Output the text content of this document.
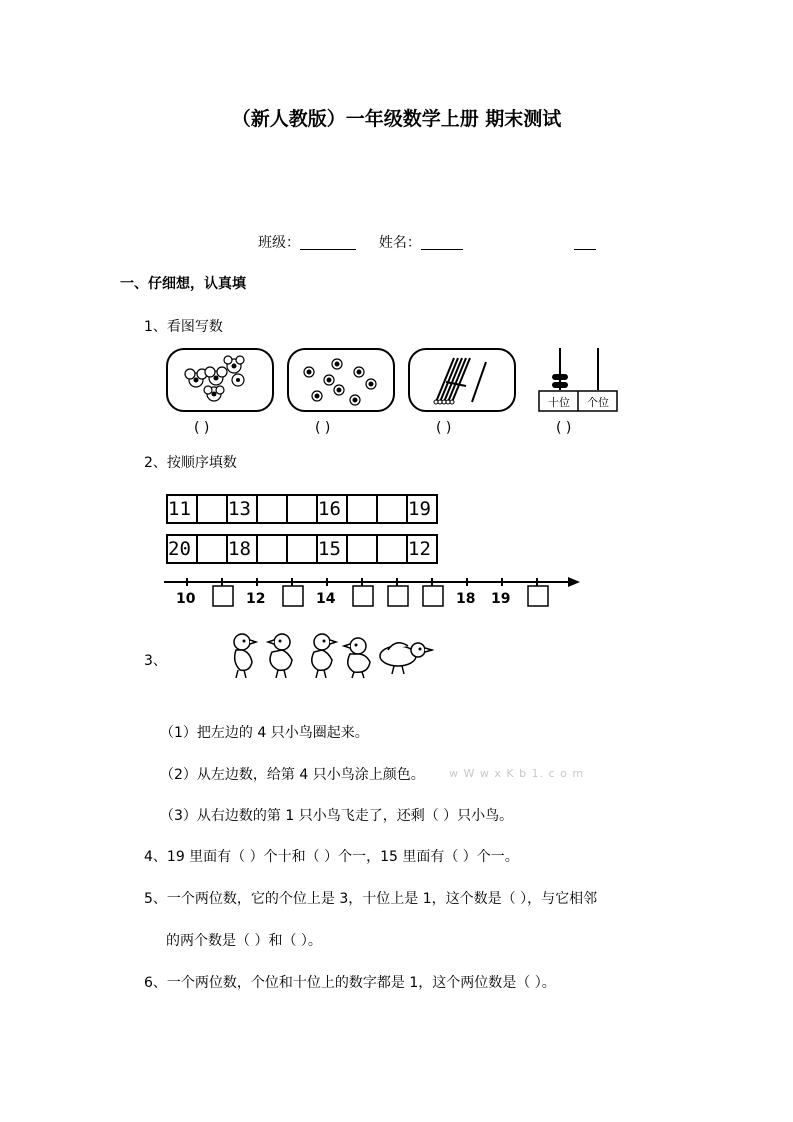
（新人教版）一年级数学上册 期末测试
班级：	姓名：
一、仔细想，认真填
1、看图写数
十位	个位
( )	( )	( )	( )
2、按顺序填数
11		13			16			19
20		18			15			12
10	12	14	18 19
3、
（1）把左边的 4 只小鸟圈起来。
（2）从左边数，给第 4 只小鸟涂上颜色。 w W w x K b 1. c o m
（3）从右边数的第 1 只小鸟飞走了，还剩（ ）只小鸟。
4、19 里面有（ ）个十和（ ）个一，15 里面有（ ）个一。
5、一个两位数，它的个位上是 3，十位上是 1，这个数是（ ），与它相邻
的两个数是（ ）和（ ）。
6、一个两位数，个位和十位上的数字都是 1，这个两位数是（ ）。
